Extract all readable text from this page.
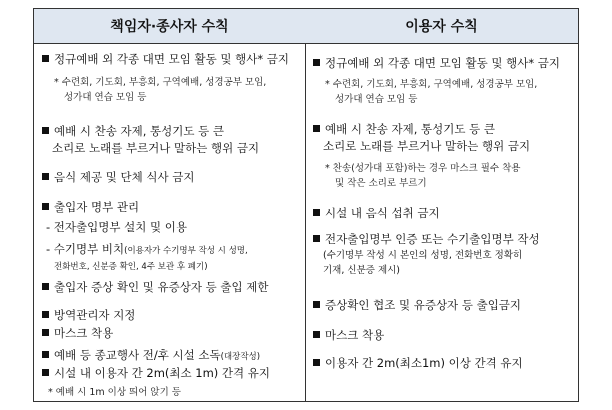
책임자·종사자 수칙
정규예배 외 각종 대면 모임 활동 및 행사* 금지
* 수련회, 기도회, 부흥회, 구역예배, 성경공부 모임,
성가대 연습 모임 등
예배 시 찬송 자제, 통성기도 등 큰
소리로 노래를 부르거나 말하는 행위 금지
음식 제공 및 단체 식사 금지
출입자 명부 관리
- 전자출입명부 설치 및 이용
- 수기명부 비치(이용자가 수기명부 작성 시 성명,
전화번호, 신분증 확인, 4주 보관 후 폐기)
출입자 증상 확인 및 유증상자 등 출입 제한
방역관리자 지정
마스크 착용
예배 등 종교행사 전/후 시설 소독(대장작성)
시설 내 이용자 간 2m(최소 1m) 간격 유지
* 예배 시 1m 이상 띄어 앉기 등
이용자 수칙
정규예배 외 각종 대면 모임 활동 및 행사* 금지
* 수련회, 기도회, 부흥회, 구역예배, 성경공부 모임,
성가대 연습 모임 등
예배 시 찬송 자제, 통성기도 등 큰
소리로 노래를 부르거나 말하는 행위 금지
* 찬송(성가대 포함)하는 경우 마스크 필수 착용
및 작은 소리로 부르기
시설 내 음식 섭취 금지
전자출입명부 인증 또는 수기출입명부 작성
(수기명부 작성 시 본인의 성명, 전화번호 정확히
기재, 신분증 제시)
증상확인 협조 및 유증상자 등 출입금지
마스크 착용
이용자 간 2m(최소1m) 이상 간격 유지
